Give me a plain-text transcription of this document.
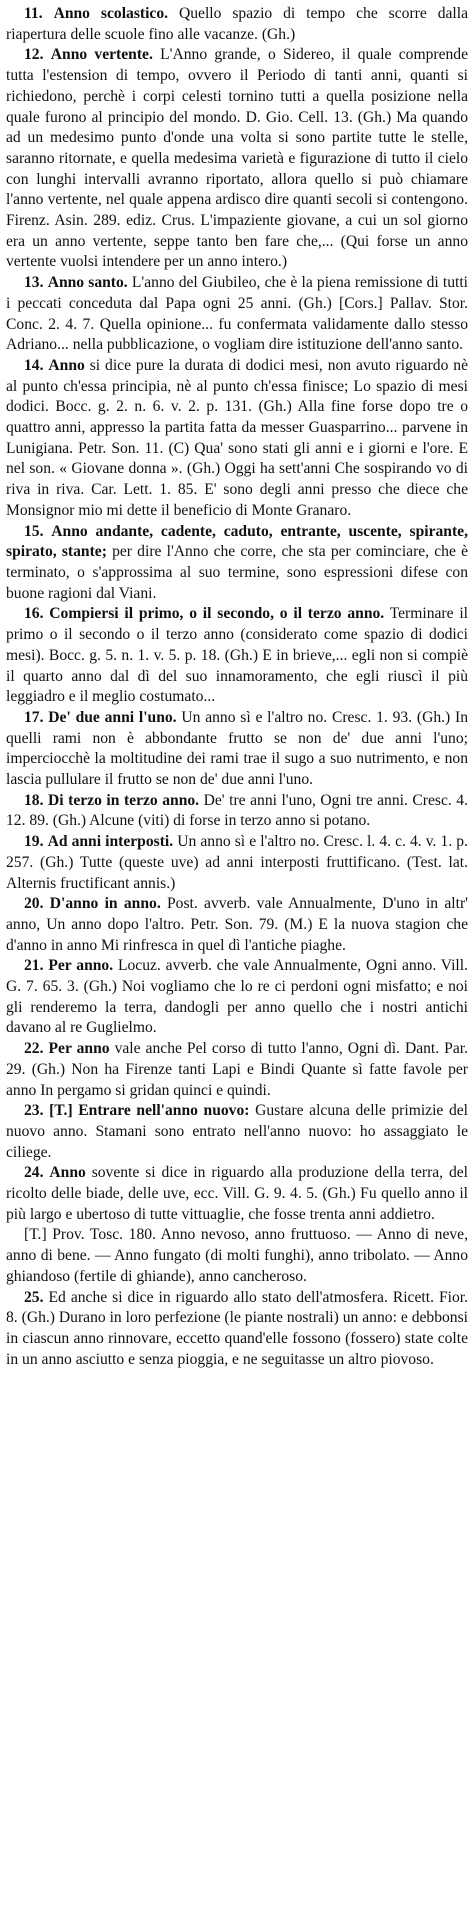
11. Anno scolastico. Quello spazio di tempo che scorre dalla riapertura delle scuole fino alle vacanze. (Gh.)

12. Anno vertente. L'Anno grande, o Sidereo, il quale comprende tutta l'estension di tempo, ovvero il Periodo di tanti anni, quanti si richiedono, perchè i corpi celesti tornino tutti a quella posizione nella quale furono al principio del mondo. D. Gio. Cell. 13. (Gh.) Ma quando ad un medesimo punto d'onde una volta si sono partite tutte le stelle, saranno ritornate, e quella medesima varietà e figurazione di tutto il cielo con lunghi intervalli avranno riportato, allora quello si può chiamare l'anno vertente, nel quale appena ardisco dire quanti secoli si contengono. Firenz. Asin. 289. ediz. Crus. L'impaziente giovane, a cui un sol giorno era un anno vertente, seppe tanto ben fare che,... (Qui forse un anno vertente vuolsi intendere per un anno intero.)

13. Anno santo. L'anno del Giubileo, che è la piena remissione di tutti i peccati conceduta dal Papa ogni 25 anni. (Gh.) [Cors.] Pallav. Stor. Conc. 2. 4. 7. Quella opinione... fu confermata validamente dallo stesso Adriano... nella pubblicazione, o vogliam dire istituzione dell'anno santo.

14. Anno si dice pure la durata di dodici mesi, non avuto riguardo nè al punto ch'essa principia, nè al punto ch'essa finisce; Lo spazio di mesi dodici. Bocc. g. 2. n. 6. v. 2. p. 131. (Gh.) Alla fine forse dopo tre o quattro anni, appresso la partita fatta da messer Guasparrino... parvene in Lunigiana. Petr. Son. 11. (C) Qua' sono stati gli anni e i giorni e l'ore. E nel son. « Giovane donna ». (Gh.) Oggi ha sett'anni Che sospirando vo di riva in riva. Car. Lett. 1. 85. E' sono degli anni presso che diece che Monsignor mio mi dette il beneficio di Monte Granaro.

15. Anno andante, cadente, caduto, entrante, uscente, spirante, spirato, stante; per dire l'Anno che corre, che sta per cominciare, che è terminato, o s'approssima al suo termine, sono espressioni difese con buone ragioni dal Viani.

16. Compiersi il primo, o il secondo, o il terzo anno. Terminare il primo o il secondo o il terzo anno (considerato come spazio di dodici mesi). Bocc. g. 5. n. 1. v. 5. p. 18. (Gh.) E in brieve,... egli non si compiè il quarto anno dal dì del suo innamoramento, che egli riuscì il più leggiadro e il meglio costumato...

17. De' due anni l'uno. Un anno sì e l'altro no. Cresc. 1. 93. (Gh.) In quelli rami non è abbondante frutto se non de' due anni l'uno; imperciocchè la moltitudine dei rami trae il sugo a suo nutrimento, e non lascia pullulare il frutto se non de' due anni l'uno.

18. Di terzo in terzo anno. De' tre anni l'uno, Ogni tre anni. Cresc. 4. 12. 89. (Gh.) Alcune (viti) di forse in terzo anno si potano.

19. Ad anni interposti. Un anno sì e l'altro no. Cresc. l. 4. c. 4. v. 1. p. 257. (Gh.) Tutte (queste uve) ad anni interposti fruttificano. (Test. lat. Alternis fructificant annis.)

20. D'anno in anno. Post. avverb. vale Annualmente, D'uno in altr' anno, Un anno dopo l'altro. Petr. Son. 79. (M.) E la nuova stagion che d'anno in anno Mi rinfresca in quel dì l'antiche piaghe.

21. Per anno. Locuz. avverb. che vale Annualmente, Ogni anno. Vill. G. 7. 65. 3. (Gh.) Noi vogliamo che lo re ci perdoni ogni misfatto; e noi gli renderemo la terra, dandogli per anno quello che i nostri antichi davano al re Guglielmo.

22. Per anno vale anche Pel corso di tutto l'anno, Ogni dì. Dant. Par. 29. (Gh.) Non ha Firenze tanti Lapi e Bindi Quante sì fatte favole per anno In pergamo si gridan quinci e quindi.

23. [T.] Entrare nell'anno nuovo: Gustare alcuna delle primizie del nuovo anno. Stamani sono entrato nell'anno nuovo: ho assaggiato le ciliege.

24. Anno sovente si dice in riguardo alla produzione della terra, del ricolto delle biade, delle uve, ecc. Vill. G. 9. 4. 5. (Gh.) Fu quello anno il più largo e ubertoso di tutte vittuaglie, che fosse trenta anni addietro.

[T.] Prov. Tosc. 180. Anno nevoso, anno fruttuoso. — Anno di neve, anno di bene. — Anno fungato (di molti funghi), anno tribolato. — Anno ghiandoso (fertile di ghiande), anno cancheroso.

25. Ed anche si dice in riguardo allo stato dell'atmosfera. Ricett. Fior. 8. (Gh.) Durano in loro perfezione (le piante nostrali) un anno: e debbonsi in ciascun anno rinnovare, eccetto quand'elle fossono (fossero) state colte in un anno asciutto e senza pioggia, e ne seguitasse un altro piovoso.
